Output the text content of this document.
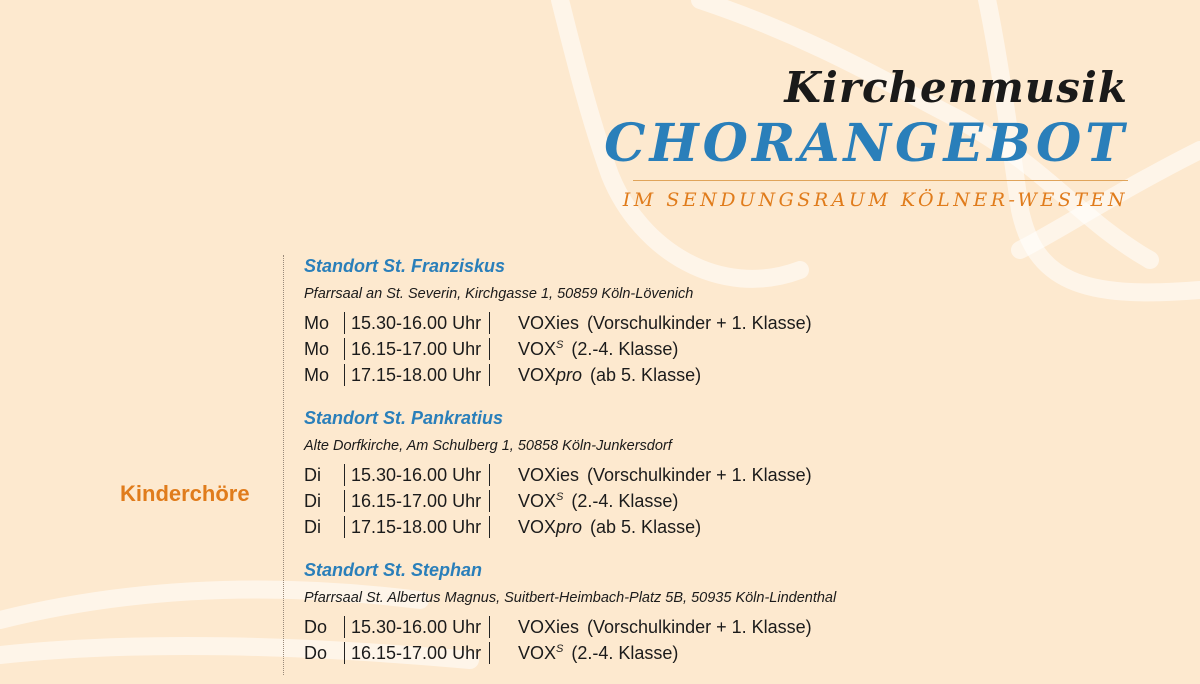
Kirchenmusik
CHORANGEBOT
IM SENDUNGSRAUM KÖLNER-WESTEN
Kinderchöre
Standort St. Franziskus
Pfarrsaal an St. Severin, Kirchgasse 1, 50859 Köln-Lövenich
Mo	15.30-16.00 Uhr	VOXies (Vorschulkinder + 1. Klasse)
Mo	16.15-17.00 Uhr	$VOX^S$ (2.-4. Klasse)
Mo	17.15-18.00 Uhr	VOXpro (ab 5. Klasse)
Standort St. Pankratius
Alte Dorfkirche, Am Schulberg 1, 50858 Köln-Junkersdorf
Di	15.30-16.00 Uhr	VOXies (Vorschulkinder + 1. Klasse)
Di	16.15-17.00 Uhr	$VOX^S$ (2.-4. Klasse)
Di	17.15-18.00 Uhr	VOXpro (ab 5. Klasse)
Standort St. Stephan
Pfarrsaal St. Albertus Magnus, Suitbert-Heimbach-Platz 5B, 50935 Köln-Lindenthal
Do	15.30-16.00 Uhr	VOXies (Vorschulkinder + 1. Klasse)
Do	16.15-17.00 Uhr	$VOX^S$ (2.-4. Klasse)
